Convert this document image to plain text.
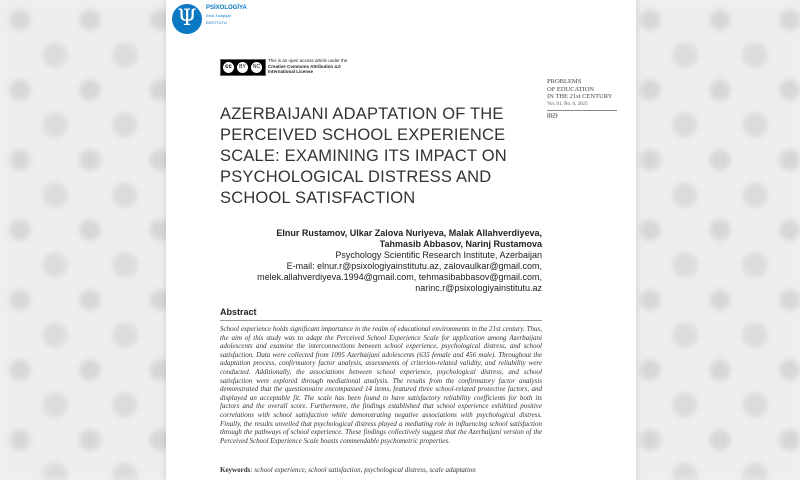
Ψ	PSİXOLOGİYA
Elmi-Tədqiqat
İNSTİTUTU
cc	BY	NC
This is an open access article under the
Creative Commons Attribution 4.0
International License
PROBLEMS
OF EDUCATION
IN THE 21st CENTURY
Vol. 81, No. 6, 2023
869
AZERBAIJANI ADAPTATION OF THE
PERCEIVED SCHOOL EXPERIENCE
SCALE: EXAMINING ITS IMPACT ON
PSYCHOLOGICAL DISTRESS AND
SCHOOL SATISFACTION
Elnur Rustamov, Ulkar Zalova Nuriyeva, Malak Allahverdiyeva,
Tahmasib Abbasov, Narinj Rustamova
Psychology Scientific Research Institute, Azerbaijan
E-mail: elnur.r@psixologiyainstitutu.az, zalovaulkar@gmail.com,
melek.allahverdiyeva.1994@gmail.com, tehmasibabbasov@gmail.com,
narinc.r@psixologiyainstitutu.az
Abstract
School experience holds significant importance in the realm of educational environments in the 21st century. Thus, the aim of this study was to adapt the Perceived School Experience Scale for application among Azerbaijani adolescents and examine the interconnections between school experience, psychological distress, and school satisfaction. Data were collected from 1095 Azerbaijani adolescents (635 female and 456 male). Throughout the adaptation process, confirmatory factor analysis, assessments of criterion-related validity, and reliability were conducted. Additionally, the associations between school experience, psychological distress, and school satisfaction were explored through mediational analysis. The results from the confirmatory factor analysis demonstrated that the questionnaire encompassed 14 items, featured three school-related protective factors, and displayed an acceptable fit. The scale has been found to have satisfactory reliability coefficients for both its factors and the overall score. Furthermore, the findings established that school experience exhibited positive correlations with school satisfaction while demonstrating negative associations with psychological distress. Finally, the results unveiled that psychological distress played a mediating role in influencing school satisfaction through the pathways of school experience. These findings collectively suggest that the Azerbaijani version of the Perceived School Experience Scale boasts commendable psychometric properties.
Keywords: school experience, school satisfaction, psychological distress, scale adaptation
